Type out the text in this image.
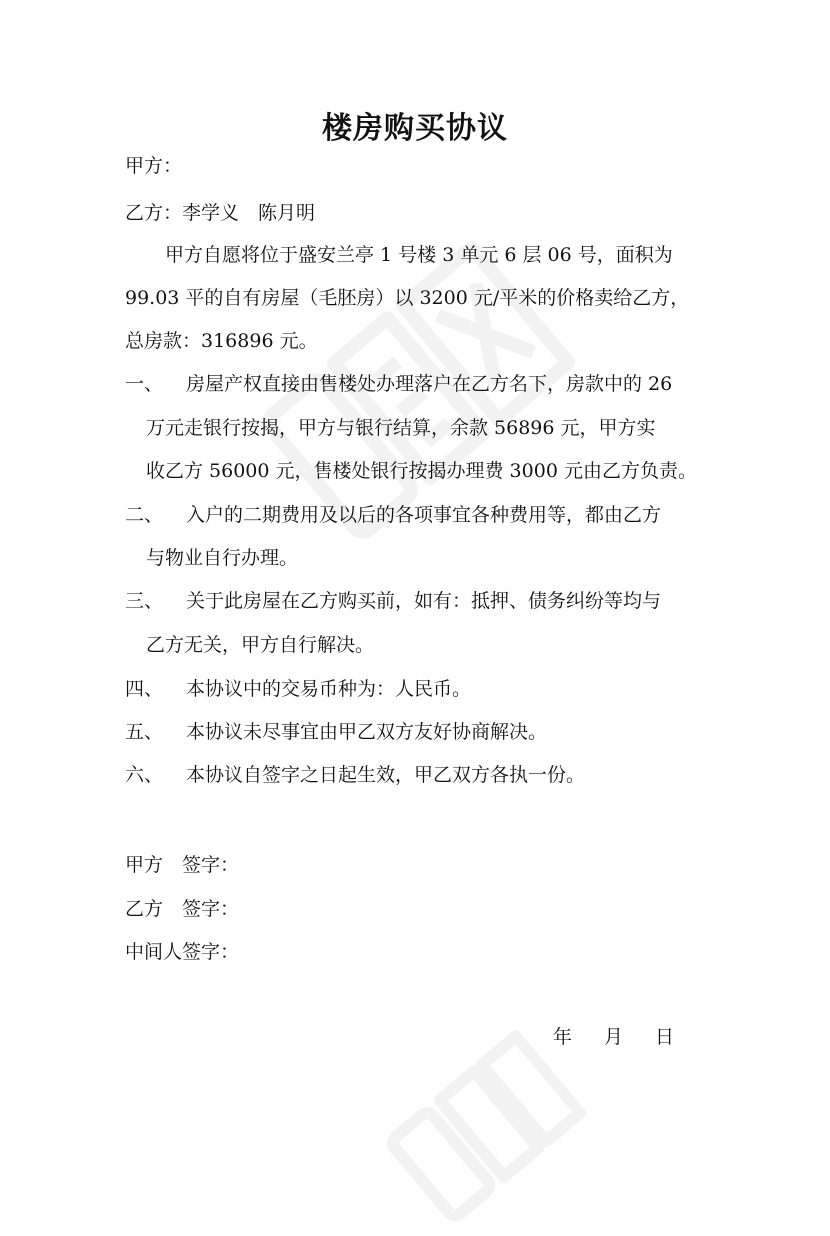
楼房购买协议
甲方：
乙方：李学义　陈月明
甲方自愿将位于盛安兰亭 1 号楼 3 单元 6 层 06 号，面积为
99.03 平的自有房屋（毛胚房）以 3200 元/平米的价格卖给乙方，
总房款：316896 元。
一、 房屋产权直接由售楼处办理落户在乙方名下，房款中的 26
万元走银行按揭，甲方与银行结算，余款 56896 元，甲方实
收乙方 56000 元，售楼处银行按揭办理费 3000 元由乙方负责。
二、 入户的二期费用及以后的各项事宜各种费用等，都由乙方
与物业自行办理。
三、 关于此房屋在乙方购买前，如有：抵押、债务纠纷等均与
乙方无关，甲方自行解决。
四、 本协议中的交易币种为：人民币。
五、 本协议未尽事宜由甲乙双方友好协商解决。
六、 本协议自签字之日起生效，甲乙双方各执一份。
甲方　签字：
乙方　签字：
中间人签字：
年 月 日
